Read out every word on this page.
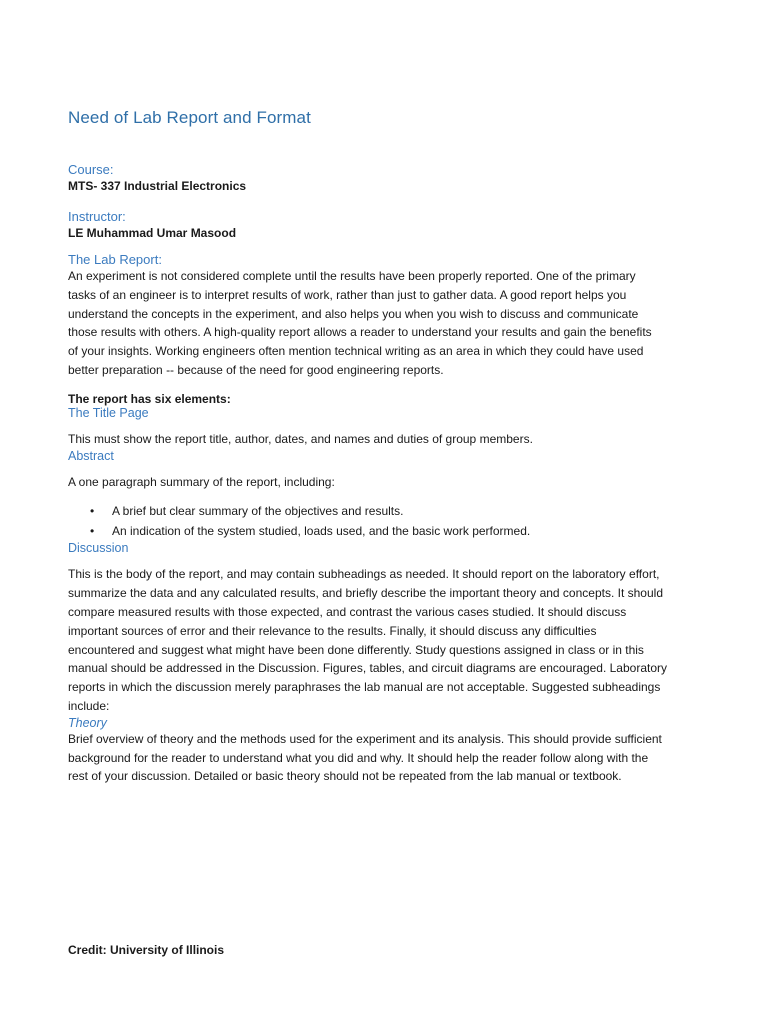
Need of Lab Report and Format
Course:
MTS- 337 Industrial Electronics
Instructor:
LE Muhammad Umar Masood
The Lab Report:
An experiment is not considered complete until the results have been properly reported. One of the primary
tasks of an engineer is to interpret results of work, rather than just to gather data. A good report helps you
understand the concepts in the experiment, and also helps you when you wish to discuss and communicate
those results with others. A high-quality report allows a reader to understand your results and gain the benefits
of your insights. Working engineers often mention technical writing as an area in which they could have used
better preparation -- because of the need for good engineering reports.
The report has six elements:
The Title Page
This must show the report title, author, dates, and names and duties of group members.
Abstract
A one paragraph summary of the report, including:
• A brief but clear summary of the objectives and results.
• An indication of the system studied, loads used, and the basic work performed.
Discussion
This is the body of the report, and may contain subheadings as needed. It should report on the laboratory effort,
summarize the data and any calculated results, and briefly describe the important theory and concepts. It should
compare measured results with those expected, and contrast the various cases studied. It should discuss
important sources of error and their relevance to the results. Finally, it should discuss any difficulties
encountered and suggest what might have been done differently. Study questions assigned in class or in this
manual should be addressed in the Discussion. Figures, tables, and circuit diagrams are encouraged. Laboratory
reports in which the discussion merely paraphrases the lab manual are not acceptable. Suggested subheadings
include:
Theory
Brief overview of theory and the methods used for the experiment and its analysis. This should provide sufficient
background for the reader to understand what you did and why. It should help the reader follow along with the
rest of your discussion. Detailed or basic theory should not be repeated from the lab manual or textbook.
Credit: University of Illinois
